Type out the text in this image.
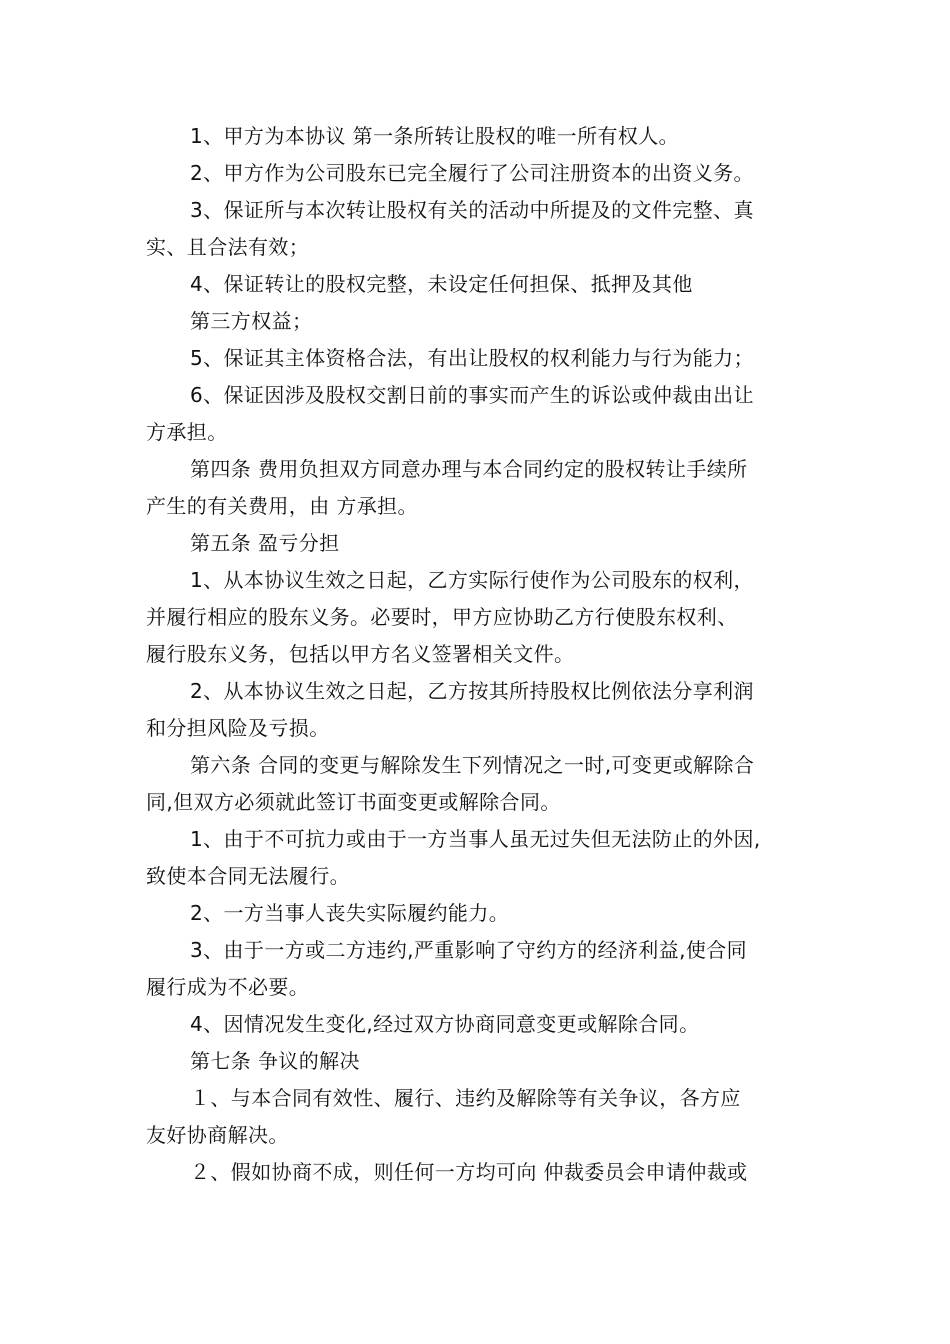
1、甲方为本协议 第一条所转让股权的唯一所有权人。
2、甲方作为公司股东已完全履行了公司注册资本的出资义务。
3、保证所与本次转让股权有关的活动中所提及的文件完整、真
实、且合法有效；
4、保证转让的股权完整，未设定任何担保、抵押及其他
第三方权益；
5、保证其主体资格合法，有出让股权的权利能力与行为能力；
6、保证因涉及股权交割日前的事实而产生的诉讼或仲裁由出让
方承担。
第四条 费用负担双方同意办理与本合同约定的股权转让手续所
产生的有关费用，由 方承担。
第五条 盈亏分担
1、从本协议生效之日起，乙方实际行使作为公司股东的权利，
并履行相应的股东义务。必要时，甲方应协助乙方行使股东权利、
履行股东义务，包括以甲方名义签署相关文件。
2、从本协议生效之日起，乙方按其所持股权比例依法分享利润
和分担风险及亏损。
第六条 合同的变更与解除发生下列情况之一时,可变更或解除合
同,但双方必须就此签订书面变更或解除合同。
1、由于不可抗力或由于一方当事人虽无过失但无法防止的外因,
致使本合同无法履行。
2、一方当事人丧失实际履约能力。
3、由于一方或二方违约,严重影响了守约方的经济利益,使合同
履行成为不必要。
4、因情况发生变化,经过双方协商同意变更或解除合同。
第七条 争议的解决
１、与本合同有效性、履行、违约及解除等有关争议，各方应
友好协商解决。
２、假如协商不成，则任何一方均可向 仲裁委员会申请仲裁或
